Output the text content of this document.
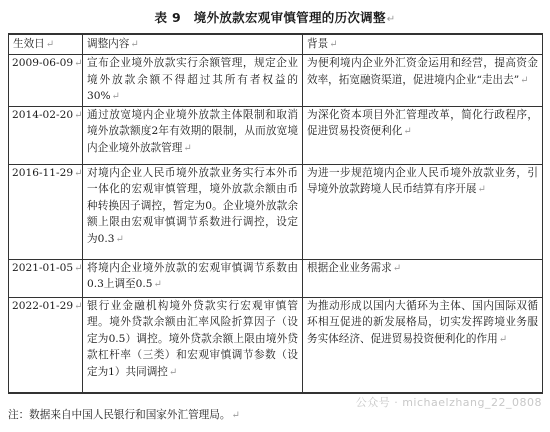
表 9　境外放款宏观审慎管理的历次调整↵
生效日↵	调整内容↵	背景↵
2009-06-09↵	宣布企业境外放款实行余额管理，规定企业境外放款余额不得超过其所有者权益的30%↵	为便利境内企业外汇资金运用和经营，提高资金效率，拓宽融资渠道，促进境内企业“走出去”↵
2014-02-20↵	通过放宽境内企业境外放款主体限制和取消境外放款额度2年有效期的限制，从而放宽境内企业境外放款管理↵	为深化资本项目外汇管理改革，简化行政程序，促进贸易投资便利化↵
2016-11-29↵	对境内企业人民币境外放款业务实行本外币一体化的宏观审慎管理，境外放款余额由币种转换因子调控，暂定为0。企业境外放款余额上限由宏观审慎调节系数进行调控，设定为0.3↵	为进一步规范境内企业人民币境外放款业务，引导境外放款跨境人民币结算有序开展↵
2021-01-05↵	将境内企业境外放款的宏观审慎调节系数由0.3上调至0.5↵	根据企业业务需求↵
2022-01-29↵	银行业金融机构境外贷款实行宏观审慎管理。境外贷款余额由汇率风险折算因子（设定为0.5）调控。境外贷款余额上限由境外贷款杠杆率（三类）和宏观审慎调节参数（设定为1）共同调控↵	为推动形成以国内大循环为主体、国内国际双循环相互促进的新发展格局，切实发挥跨境业务服务实体经济、促进贸易投资便利化的作用↵
公众号 · michaelzhang_22_0808
注：数据来自中国人民银行和国家外汇管理局。↵
